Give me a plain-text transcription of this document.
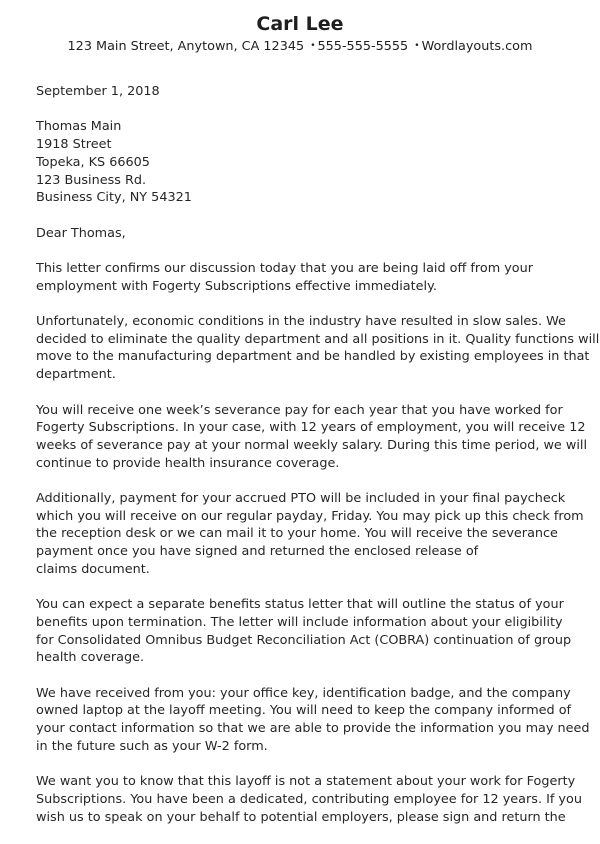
Carl Lee
123 Main Street, Anytown, CA 12345 • 555-555-5555 • Wordlayouts.com
September 1, 2018
Thomas Main
1918 Street
Topeka, KS 66605
123 Business Rd.
Business City, NY 54321
Dear Thomas,
This letter confirms our discussion today that you are being laid off from your
employment with Fogerty Subscriptions effective immediately.
Unfortunately, economic conditions in the industry have resulted in slow sales. We
decided to eliminate the quality department and all positions in it. Quality functions will
move to the manufacturing department and be handled by existing employees in that
department.
You will receive one week’s severance pay for each year that you have worked for
Fogerty Subscriptions. In your case, with 12 years of employment, you will receive 12
weeks of severance pay at your normal weekly salary. During this time period, we will
continue to provide health insurance coverage.
Additionally, payment for your accrued PTO will be included in your final paycheck
which you will receive on our regular payday, Friday. You may pick up this check from
the reception desk or we can mail it to your home. You will receive the severance
payment once you have signed and returned the enclosed release of
claims document.
You can expect a separate benefits status letter that will outline the status of your
benefits upon termination. The letter will include information about your eligibility
for Consolidated Omnibus Budget Reconciliation Act (COBRA) continuation of group
health coverage.
We have received from you: your office key, identification badge, and the company
owned laptop at the layoff meeting. You will need to keep the company informed of
your contact information so that we are able to provide the information you may need
in the future such as your W-2 form.
We want you to know that this layoff is not a statement about your work for Fogerty
Subscriptions. You have been a dedicated, contributing employee for 12 years. If you
wish us to speak on your behalf to potential employers, please sign and return the
